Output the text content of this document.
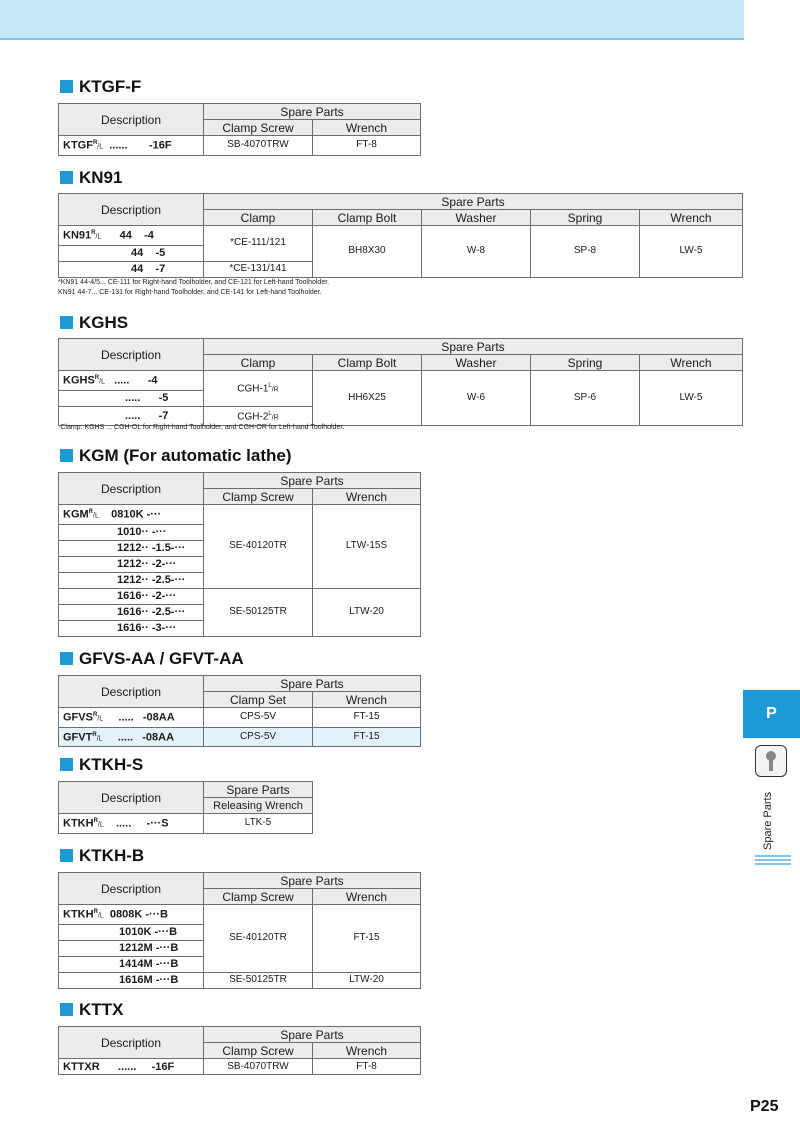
KTGF-F
Description	Spare Parts	
	Clamp Screw	Wrench
$KTGF^R/L$ ...... -16F	SB-4070TRW	FT-8
KN91
Description	Spare Parts				
	Clamp	Clamp Bolt	Washer	Spring	Wrench
$KN91^R/L$ 44 -4	*CE-111/121	BH8X30	W-8	SP-8	LW-5
44 -5					
44 -7	*CE-131/141				
*KN91 44-4/5... CE-111 for Right-hand Toolholder, and CE-121 for Left-hand Toolholder.
KN91 44-7... CE-131 for Right-hand Toolholder, and CE-141 for Left-hand Toolholder.
KGHS
Description	Spare Parts				
	Clamp	Clamp Bolt	Washer	Spring	Wrench
$KGHS^R/L$ ..... -4	CGH-$1^L/R$	HH6X25	W-6	SP-6	LW-5
..... -5					
..... -7	CGH-$2^L/R$				
·Clamp: KGHS ... CGH-OL for Right-hand Toolholder, and CGH-OR for Left-hand Toolholder.
KGM (For automatic lathe)
Description	Spare Parts	
	Clamp Screw	Wrench
$KGM^R/L$ 0810K -···	SE-40120TR	LTW-15S
1010·· -···		
1212·· -1.5-···		
1212·· -2-···		
1212·· -2.5-···		
1616·· -2-···	SE-50125TR	LTW-20
1616·· -2.5-···		
1616·· -3-···		
GFVS-AA / GFVT-AA
Description	Spare Parts	
	Clamp Set	Wrench
$GFVS^R/L$ ..... -08AA	CPS-5V	FT-15
$GFVT^R/L$ ..... -08AA	CPS-5V	FT-15
KTKH-S
Description	Spare Parts
	Releasing Wrench
$KTKH^R/L$ ..... -···S	LTK-5
KTKH-B
Description	Spare Parts	
	Clamp Screw	Wrench
$KTKH^R/L$ 0808K -···B	SE-40120TR	FT-15
1010K -···B		
1212M -···B		
1414M -···B		
1616M -···B	SE-50125TR	LTW-20
KTTX
Description	Spare Parts	
	Clamp Screw	Wrench
KTTXR ...... -16F	SB-4070TRW	FT-8
P
Spare Parts
P25
